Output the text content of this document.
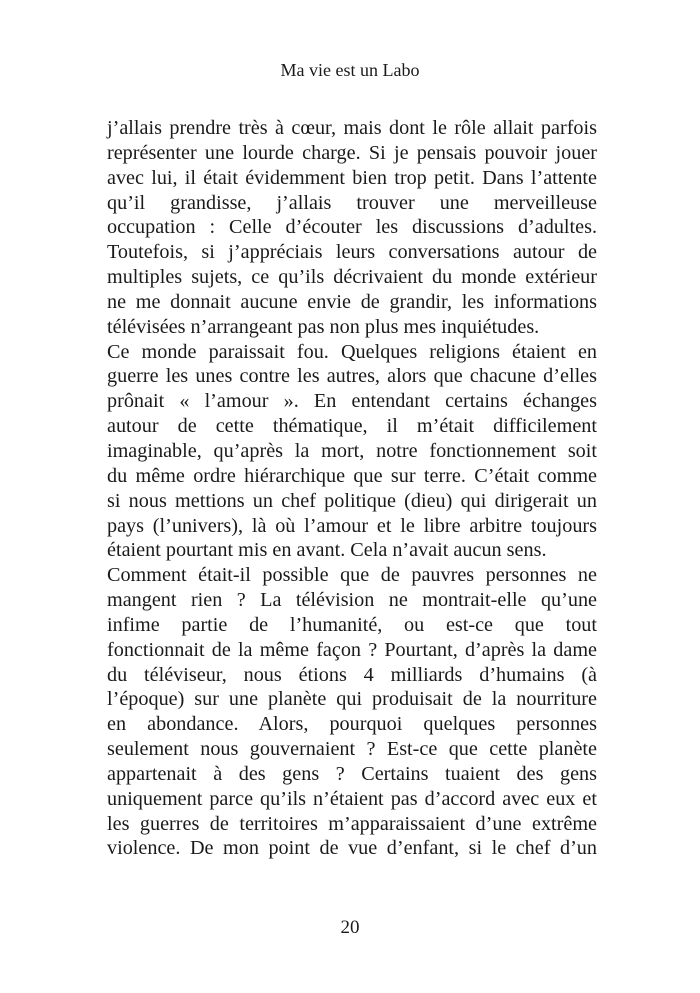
Ma vie est un Labo
j’allais prendre très à cœur, mais dont le rôle allait parfois
représenter une lourde charge. Si je pensais pouvoir jouer
avec lui, il était évidemment bien trop petit. Dans l’attente
qu’il grandisse, j’allais trouver une merveilleuse
occupation : Celle d’écouter les discussions d’adultes.
Toutefois, si j’appréciais leurs conversations autour de
multiples sujets, ce qu’ils décrivaient du monde extérieur
ne me donnait aucune envie de grandir, les informations
télévisées n’arrangeant pas non plus mes inquiétudes.
Ce monde paraissait fou. Quelques religions étaient en
guerre les unes contre les autres, alors que chacune d’elles
prônait « l’amour ». En entendant certains échanges
autour de cette thématique, il m’était difficilement
imaginable, qu’après la mort, notre fonctionnement soit
du même ordre hiérarchique que sur terre. C’était comme
si nous mettions un chef politique (dieu) qui dirigerait un
pays (l’univers), là où l’amour et le libre arbitre toujours
étaient pourtant mis en avant. Cela n’avait aucun sens.
Comment était-il possible que de pauvres personnes ne
mangent rien ? La télévision ne montrait-elle qu’une
infime partie de l’humanité, ou est-ce que tout
fonctionnait de la même façon ? Pourtant, d’après la dame
du téléviseur, nous étions 4 milliards d’humains (à
l’époque) sur une planète qui produisait de la nourriture
en abondance. Alors, pourquoi quelques personnes
seulement nous gouvernaient ? Est-ce que cette planète
appartenait à des gens ? Certains tuaient des gens
uniquement parce qu’ils n’étaient pas d’accord avec eux et
les guerres de territoires m’apparaissaient d’une extrême
violence. De mon point de vue d’enfant, si le chef d’un
20
